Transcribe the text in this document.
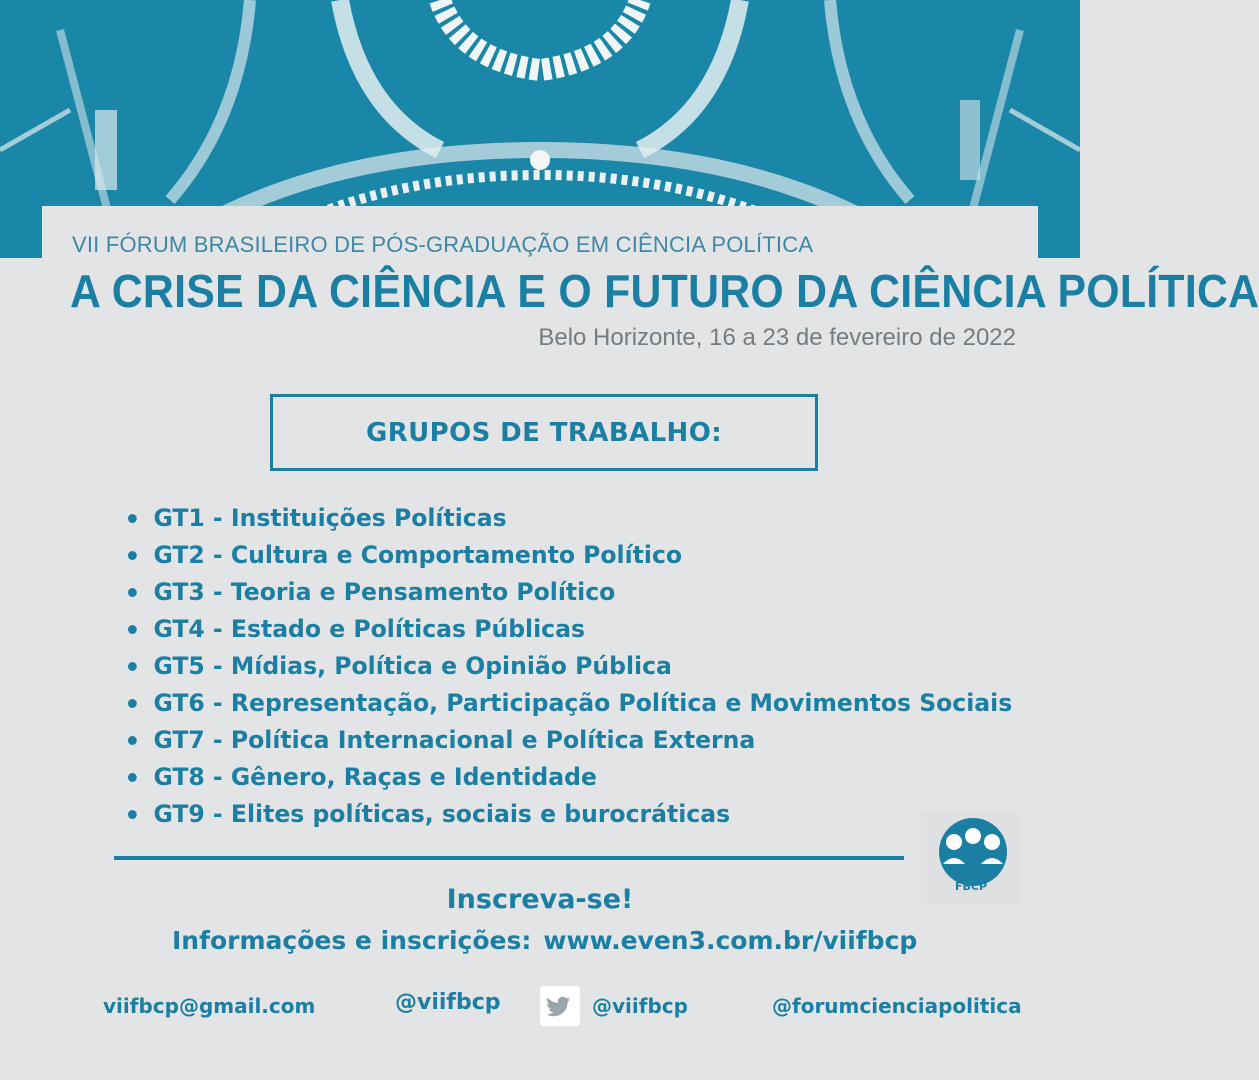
VII FÓRUM BRASILEIRO DE PÓS-GRADUAÇÃO EM CIÊNCIA POLÍTICA
A CRISE DA CIÊNCIA E O FUTURO DA CIÊNCIA POLÍTICA
Belo Horizonte, 16 a 23 de fevereiro de 2022
GRUPOS DE TRABALHO:
GT1 - Instituições Políticas
GT2 - Cultura e Comportamento Político
GT3 - Teoria e Pensamento Político
GT4 - Estado e Políticas Públicas
GT5 - Mídias, Política e Opinião Pública
GT6 - Representação, Participação Política e Movimentos Sociais
GT7 - Política Internacional e Política Externa
GT8 - Gênero, Raças e Identidade
GT9 - Elites políticas, sociais e burocráticas
FBCP
Inscreva-se!
Informações e inscrições: www.even3.com.br/viifbcp
viifbcp@gmail.com	@viifbcp	@viifbcp	@forumcienciapolitica
